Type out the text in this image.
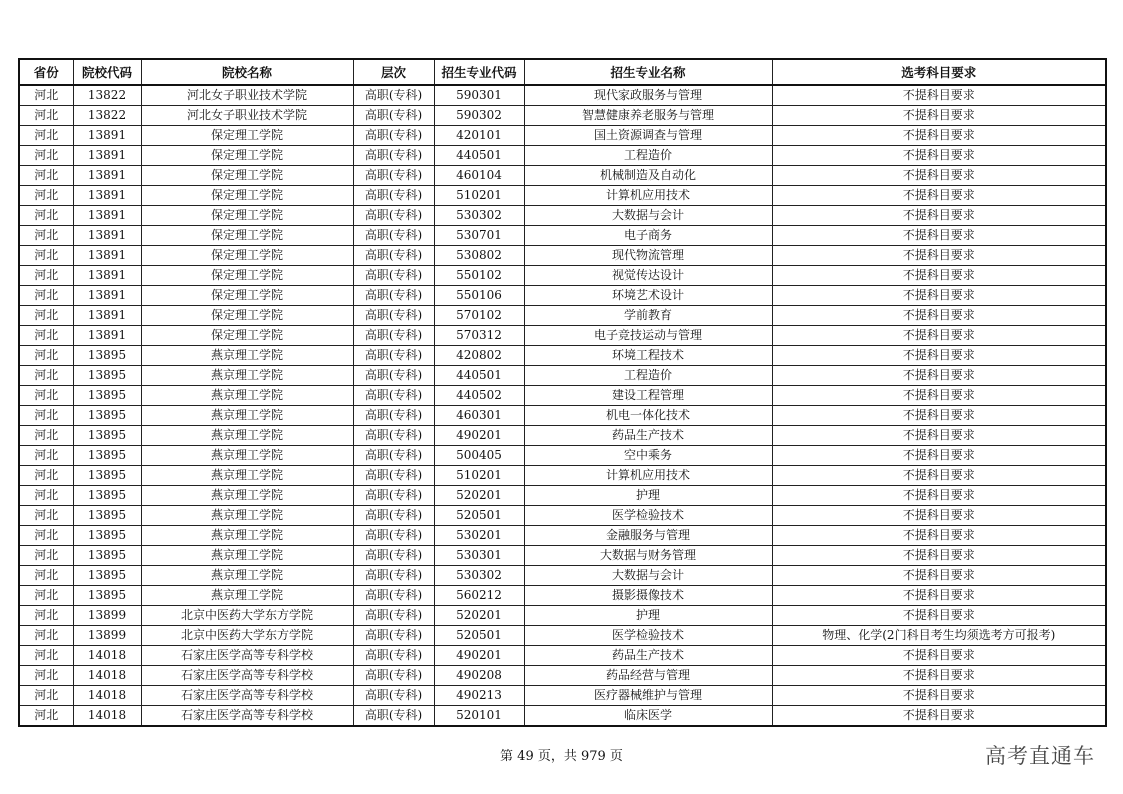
省份	院校代码	院校名称	层次	招生专业代码	招生专业名称	选考科目要求
河北	13822	河北女子职业技术学院	高职(专科)	590301	现代家政服务与管理	不提科目要求
河北	13822	河北女子职业技术学院	高职(专科)	590302	智慧健康养老服务与管理	不提科目要求
河北	13891	保定理工学院	高职(专科)	420101	国土资源调查与管理	不提科目要求
河北	13891	保定理工学院	高职(专科)	440501	工程造价	不提科目要求
河北	13891	保定理工学院	高职(专科)	460104	机械制造及自动化	不提科目要求
河北	13891	保定理工学院	高职(专科)	510201	计算机应用技术	不提科目要求
河北	13891	保定理工学院	高职(专科)	530302	大数据与会计	不提科目要求
河北	13891	保定理工学院	高职(专科)	530701	电子商务	不提科目要求
河北	13891	保定理工学院	高职(专科)	530802	现代物流管理	不提科目要求
河北	13891	保定理工学院	高职(专科)	550102	视觉传达设计	不提科目要求
河北	13891	保定理工学院	高职(专科)	550106	环境艺术设计	不提科目要求
河北	13891	保定理工学院	高职(专科)	570102	学前教育	不提科目要求
河北	13891	保定理工学院	高职(专科)	570312	电子竞技运动与管理	不提科目要求
河北	13895	燕京理工学院	高职(专科)	420802	环境工程技术	不提科目要求
河北	13895	燕京理工学院	高职(专科)	440501	工程造价	不提科目要求
河北	13895	燕京理工学院	高职(专科)	440502	建设工程管理	不提科目要求
河北	13895	燕京理工学院	高职(专科)	460301	机电一体化技术	不提科目要求
河北	13895	燕京理工学院	高职(专科)	490201	药品生产技术	不提科目要求
河北	13895	燕京理工学院	高职(专科)	500405	空中乘务	不提科目要求
河北	13895	燕京理工学院	高职(专科)	510201	计算机应用技术	不提科目要求
河北	13895	燕京理工学院	高职(专科)	520201	护理	不提科目要求
河北	13895	燕京理工学院	高职(专科)	520501	医学检验技术	不提科目要求
河北	13895	燕京理工学院	高职(专科)	530201	金融服务与管理	不提科目要求
河北	13895	燕京理工学院	高职(专科)	530301	大数据与财务管理	不提科目要求
河北	13895	燕京理工学院	高职(专科)	530302	大数据与会计	不提科目要求
河北	13895	燕京理工学院	高职(专科)	560212	摄影摄像技术	不提科目要求
河北	13899	北京中医药大学东方学院	高职(专科)	520201	护理	不提科目要求
河北	13899	北京中医药大学东方学院	高职(专科)	520501	医学检验技术	物理、化学(2门科目考生均须选考方可报考)
河北	14018	石家庄医学高等专科学校	高职(专科)	490201	药品生产技术	不提科目要求
河北	14018	石家庄医学高等专科学校	高职(专科)	490208	药品经营与管理	不提科目要求
河北	14018	石家庄医学高等专科学校	高职(专科)	490213	医疗器械维护与管理	不提科目要求
河北	14018	石家庄医学高等专科学校	高职(专科)	520101	临床医学	不提科目要求
第 49 页，共 979 页	高考直通车
